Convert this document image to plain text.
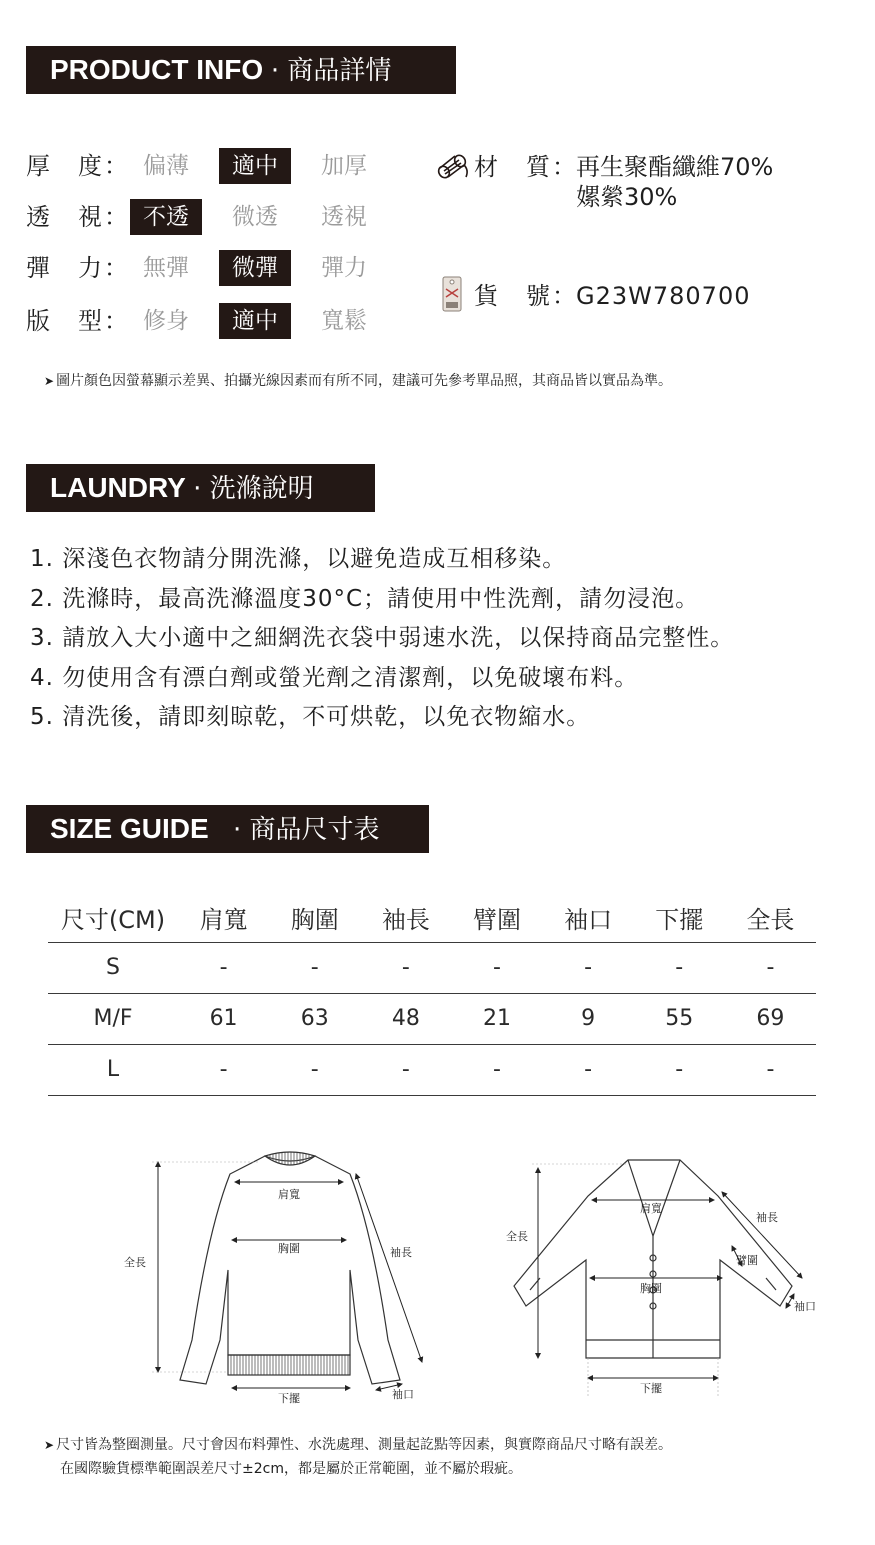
PRODUCT INFO · 商品詳情
厚　度： 偏薄	適中	加厚
透　視： 不透	微透	透視
彈　力： 無彈	微彈	彈力
版　型： 修身	適中	寬鬆
材　質：
再生聚酯纖維70%
嫘縈30%
貨　號：
G23W780700
➤ 圖片顏色因螢幕顯示差異、拍攝光線因素而有所不同，建議可先參考單品照，其商品皆以實品為準。
LAUNDRY · 洗滌說明
1. 深淺色衣物請分開洗滌，以避免造成互相移染。
2. 洗滌時，最高洗滌溫度30°C；請使用中性洗劑，請勿浸泡。
3. 請放入大小適中之細網洗衣袋中弱速水洗，以保持商品完整性。
4. 勿使用含有漂白劑或螢光劑之清潔劑，以免破壞布料。
5. 清洗後，請即刻晾乾，不可烘乾，以免衣物縮水。
SIZE GUIDE · 商品尺寸表
尺寸(CM)	肩寬	胸圍	袖長	臂圍	袖口	下擺	全長
S	-	-	-	-	-	-	-
M/F	61	63	48	21	9	55	69
L	-	-	-	-	-	-	-
全長
肩寬
胸圍	袖長
下擺	袖口
全長
肩寬
胸圍
袖長
臂圍
袖口
下擺
➤ 尺寸皆為整圈測量。尺寸會因布料彈性、水洗處理、測量起訖點等因素，與實際商品尺寸略有誤差。
在國際驗貨標準範圍誤差尺寸±2cm，都是屬於正常範圍，並不屬於瑕疵。
